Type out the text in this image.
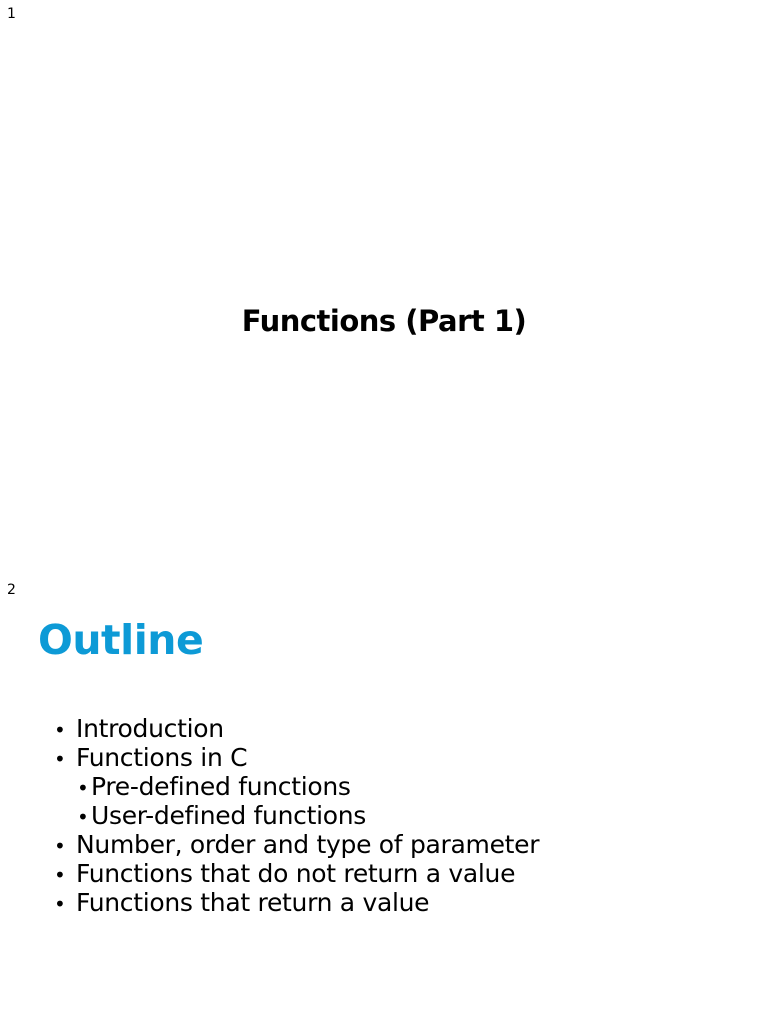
1
Functions (Part 1)
2
Outline
• Introduction
• Functions in C
• Pre-defined functions
• User-defined functions
• Number, order and type of parameter
• Functions that do not return a value
• Functions that return a value
